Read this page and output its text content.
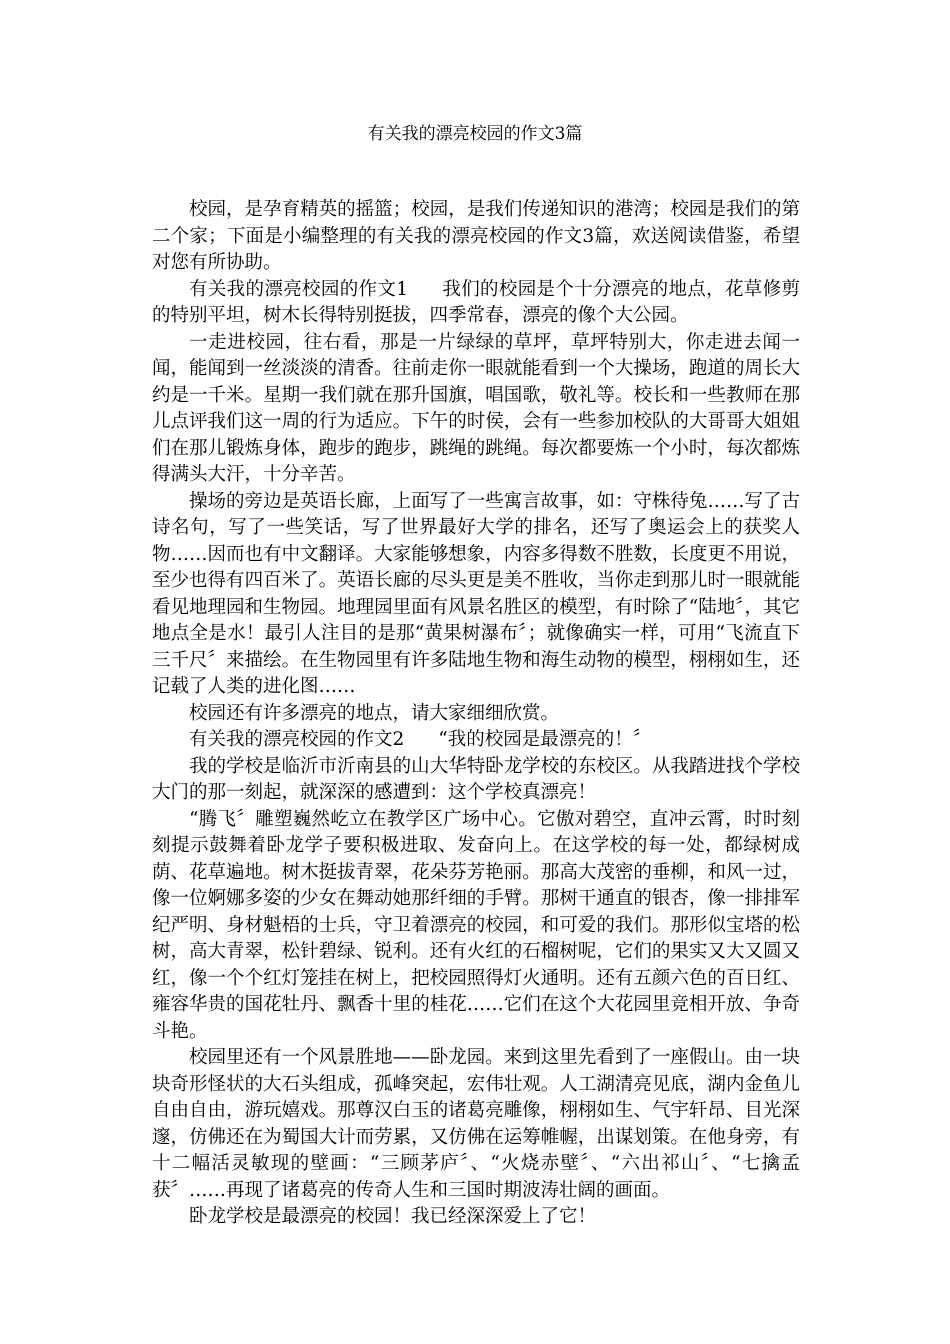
有关我的漂亮校园的作文3篇

校园，是孕育精英的摇篮；校园，是我们传递知识的港湾；校园是我们的第二个家；下面是小编整理的有关我的漂亮校园的作文3篇，欢送阅读借鉴，希望对您有所协助。

有关我的漂亮校园的作文1 我们的校园是个十分漂亮的地点，花草修剪的特别平坦，树木长得特别挺拔，四季常春，漂亮的像个大公园。

一走进校园，往右看，那是一片绿绿的草坪，草坪特别大，你走进去闻一闻，能闻到一丝淡淡的清香。往前走你一眼就能看到一个大操场，跑道的周长大约是一千米。星期一我们就在那升国旗，唱国歌，敬礼等。校长和一些教师在那儿点评我们这一周的行为适应。下午的时侯，会有一些参加校队的大哥哥大姐姐们在那儿锻炼身体，跑步的跑步，跳绳的跳绳。每次都要炼一个小时，每次都炼得满头大汗，十分辛苦。

操场的旁边是英语长廊，上面写了一些寓言故事，如：守株待兔……写了古诗名句，写了一些笑话，写了世界最好大学的排名，还写了奥运会上的获奖人物……因而也有中文翻译。大家能够想象，内容多得数不胜数，长度更不用说，至少也得有四百米了。英语长廊的尽头更是美不胜收，当你走到那儿时一眼就能看见地理园和生物园。地理园里面有风景名胜区的模型，有时除了“陆地〞，其它地点全是水！最引人注目的是那“黄果树瀑布〞；就像确实一样，可用“飞流直下三千尺〞来描绘。在生物园里有许多陆地生物和海生动物的模型，栩栩如生，还记载了人类的进化图……

校园还有许多漂亮的地点，请大家细细欣赏。

有关我的漂亮校园的作文2 “我的校园是最漂亮的！〞

我的学校是临沂市沂南县的山大华特卧龙学校的东校区。从我踏进找个学校大门的那一刻起，就深深的感遭到：这个学校真漂亮！

“腾飞〞雕塑巍然屹立在教学区广场中心。它傲对碧空，直冲云霄，时时刻刻提示鼓舞着卧龙学子要积极进取、发奋向上。在这学校的每一处，都绿树成荫、花草遍地。树木挺拔青翠，花朵芬芳艳丽。那高大茂密的垂柳，和风一过，像一位婀娜多姿的少女在舞动她那纤细的手臂。那树干通直的银杏，像一排排军纪严明、身材魁梧的士兵，守卫着漂亮的校园，和可爱的我们。那形似宝塔的松树，高大青翠，松针碧绿、锐利。还有火红的石榴树呢，它们的果实又大又圆又红，像一个个红灯笼挂在树上，把校园照得灯火通明。还有五颜六色的百日红、雍容华贵的国花牡丹、飘香十里的桂花……它们在这个大花园里竞相开放、争奇斗艳。

校园里还有一个风景胜地——卧龙园。来到这里先看到了一座假山。由一块块奇形怪状的大石头组成，孤峰突起，宏伟壮观。人工湖清亮见底，湖内金鱼儿自由自由，游玩嬉戏。那尊汉白玉的诸葛亮雕像，栩栩如生、气宇轩昂、目光深邃，仿佛还在为蜀国大计而劳累，又仿佛在运筹帷幄，出谋划策。在他身旁，有十二幅活灵敏现的壁画：“三顾茅庐〞、“火烧赤壁〞、“六出祁山〞、“七擒孟获〞……再现了诸葛亮的传奇人生和三国时期波涛壮阔的画面。

卧龙学校是最漂亮的校园！我已经深深爱上了它！
